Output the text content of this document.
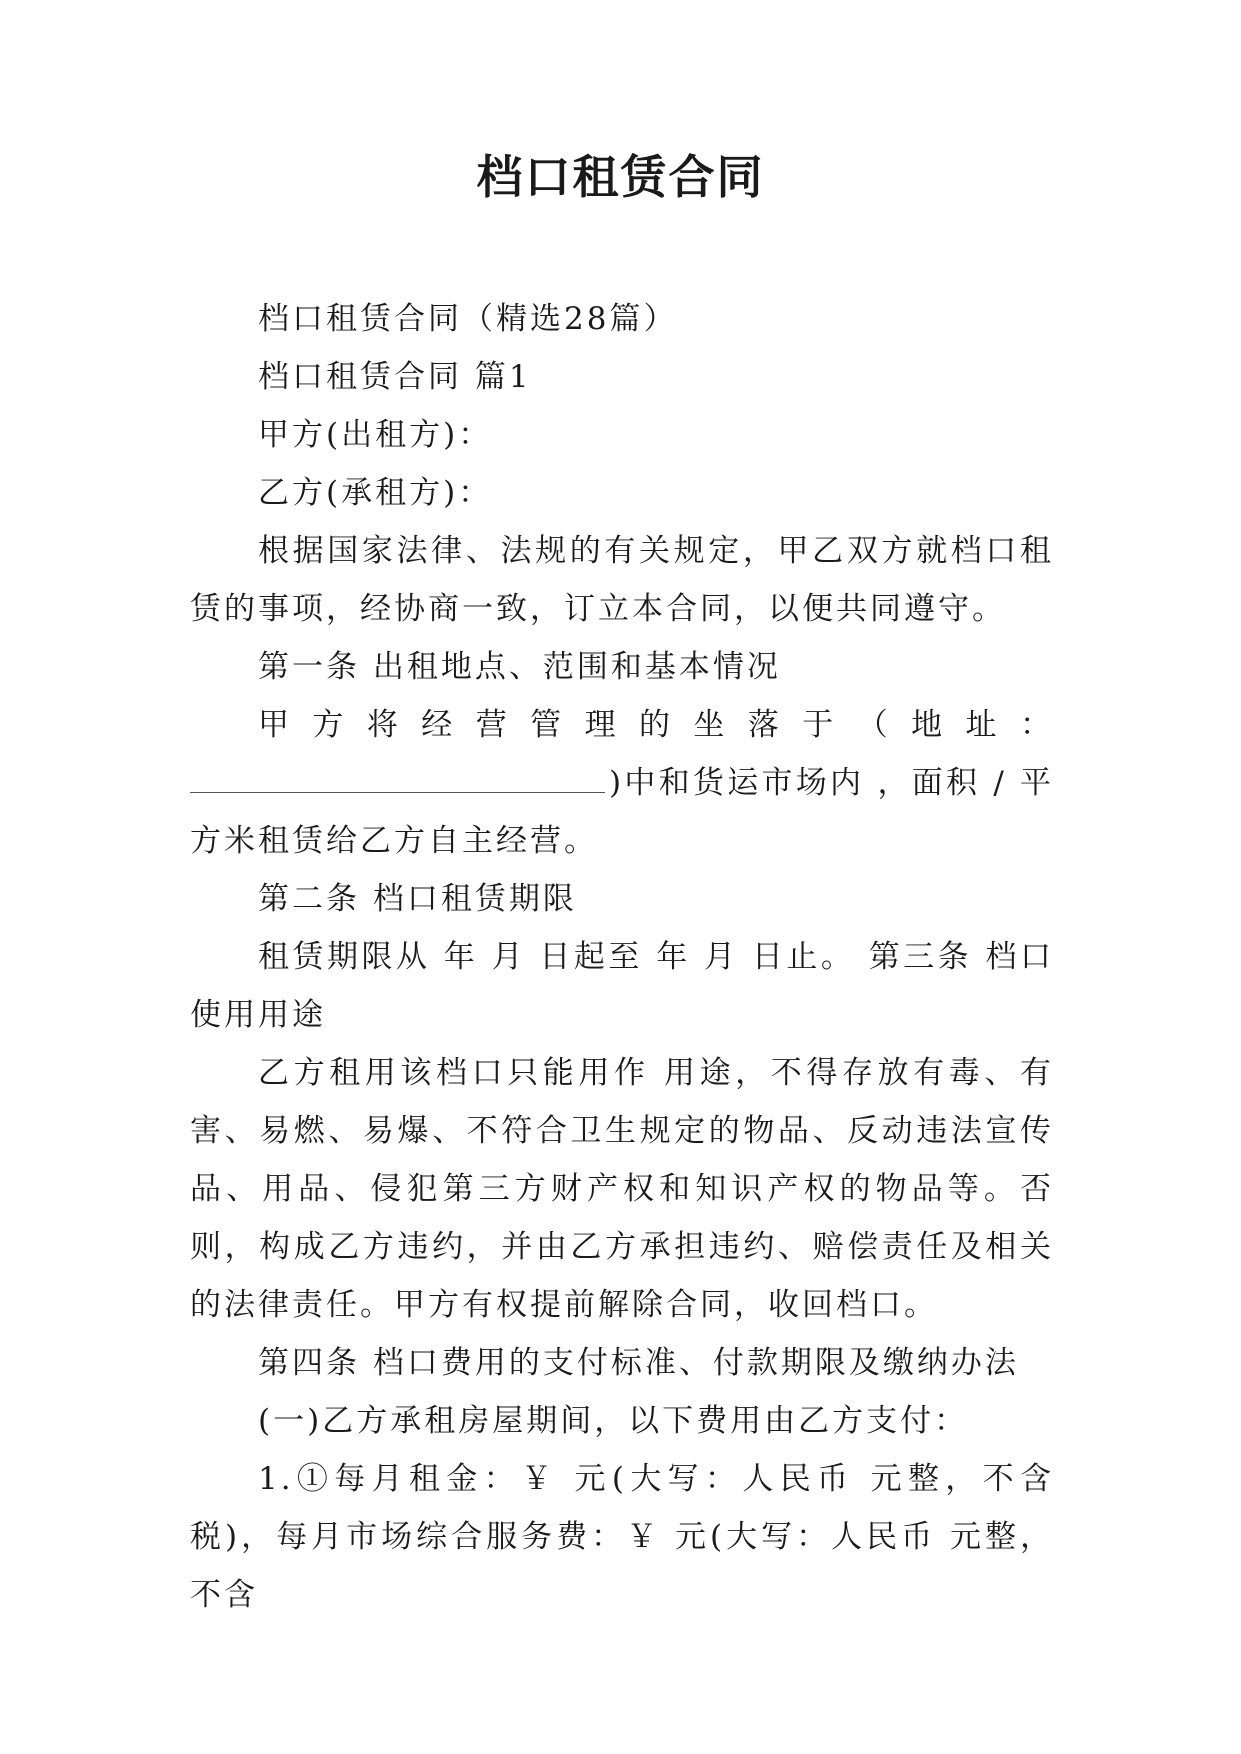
档口租赁合同

档口租赁合同（精选28篇）

档口租赁合同 篇1

甲方(出租方)：

乙方(承租方)：

根据国家法律、法规的有关规定，甲乙双方就档口租赁的事项，经协商一致，订立本合同，以便共同遵守。

第一条 出租地点、范围和基本情况

甲 方 将 经 营 管 理 的 坐 落 于 （ 地 址 ：

)中和货运市场内 ，面积 / 平方米租赁给乙方自主经营。

第二条 档口租赁期限

租赁期限从 年 月 日起至 年 月 日止。 第三条 档口使用用途

乙方租用该档口只能用作 用途，不得存放有毒、有害、易燃、易爆、不符合卫生规定的物品、反动违法宣传品、用品、侵犯第三方财产权和知识产权的物品等。否则，构成乙方违约，并由乙方承担违约、赔偿责任及相关的法律责任。甲方有权提前解除合同，收回档口。

第四条 档口费用的支付标准、付款期限及缴纳办法

(一)乙方承租房屋期间，以下费用由乙方支付：

1.①每月租金：￥ 元(大写：人民币 元整，不含税)，每月市场综合服务费：￥ 元(大写：人民币 元整，不含
